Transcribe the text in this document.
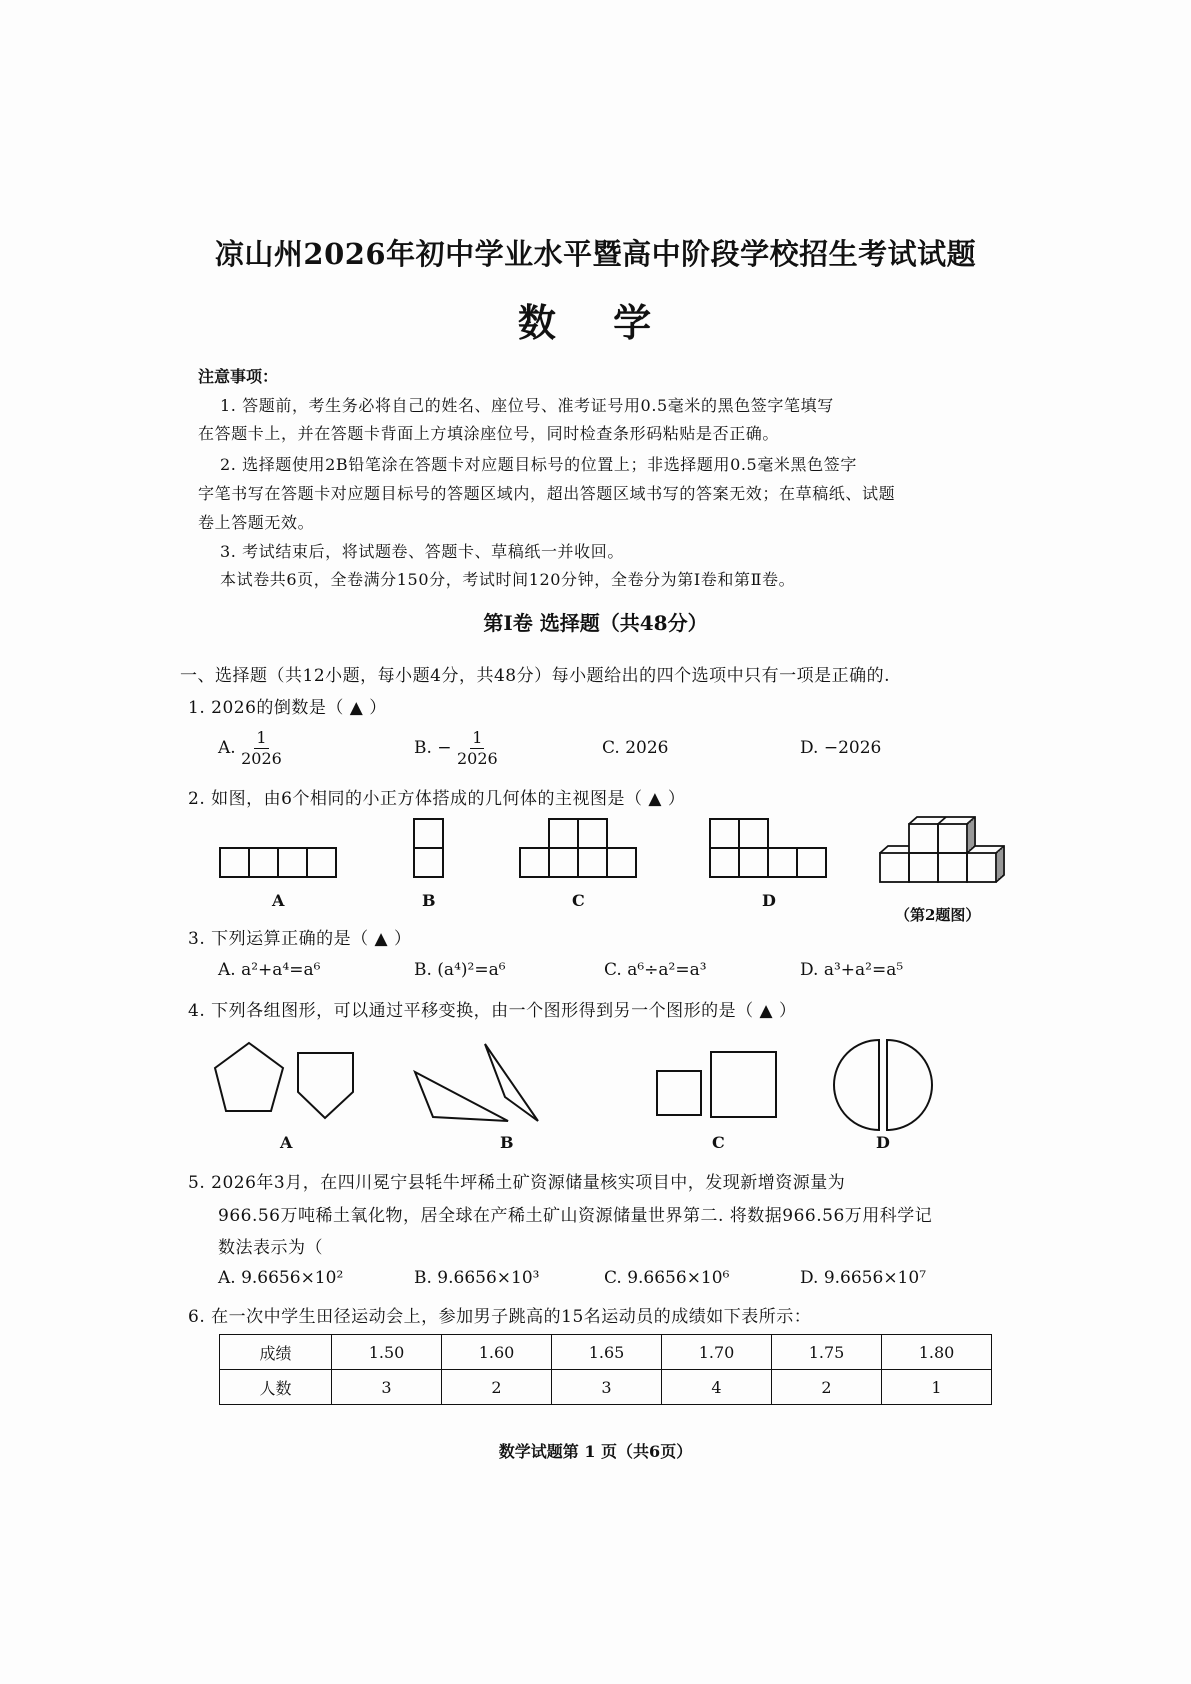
凉山州2026年初中学业水平暨高中阶段学校招生考试试题
数 学
注意事项：
1. 答题前，考生务必将自己的姓名、座位号、准考证号用0.5毫米的黑色签字笔填写
在答题卡上，并在答题卡背面上方填涂座位号，同时检查条形码粘贴是否正确。
2. 选择题使用2B铅笔涂在答题卡对应题目标号的位置上；非选择题用0.5毫米黑色签字
字笔书写在答题卡对应题目标号的答题区域内，超出答题区域书写的答案无效；在草稿纸、试题
卷上答题无效。
3. 考试结束后，将试题卷、答题卡、草稿纸一并收回。
本试卷共6页，全卷满分150分，考试时间120分钟，全卷分为第Ⅰ卷和第Ⅱ卷。
第Ⅰ卷 选择题（共48分）
一、选择题（共12小题，每小题4分，共48分）每小题给出的四个选项中只有一项是正确的.
1. 2026的倒数是（ ▲ ）
A. $\frac{1}{2026}$	B. − $\frac{1}{2026}$	C. 2026	D. −2026
2. 如图，由6个相同的小正方体搭成的几何体的主视图是（ ▲ ）
A	B	C	D
（第2题图）
3. 下列运算正确的是（ ▲ ）
A. a²+a⁴=a⁶	B. (a⁴)²=a⁶	C. a⁶÷a²=a³	D. a³+a²=a⁵
4. 下列各组图形，可以通过平移变换，由一个图形得到另一个图形的是（ ▲ ）
A	B	C	D
5. 2026年3月，在四川冕宁县牦牛坪稀土矿资源储量核实项目中，发现新增资源量为
966.56万吨稀土氧化物，居全球在产稀土矿山资源储量世界第二. 将数据966.56万用科学记
数法表示为（
A. 9.6656×10²	B. 9.6656×10³	C. 9.6656×10⁶	D. 9.6656×10⁷
6. 在一次中学生田径运动会上，参加男子跳高的15名运动员的成绩如下表所示：
成绩	1.50	1.60	1.65	1.70	1.75	1.80
人数	3	2	3	4	2	1
数学试题第 1 页（共6页）
